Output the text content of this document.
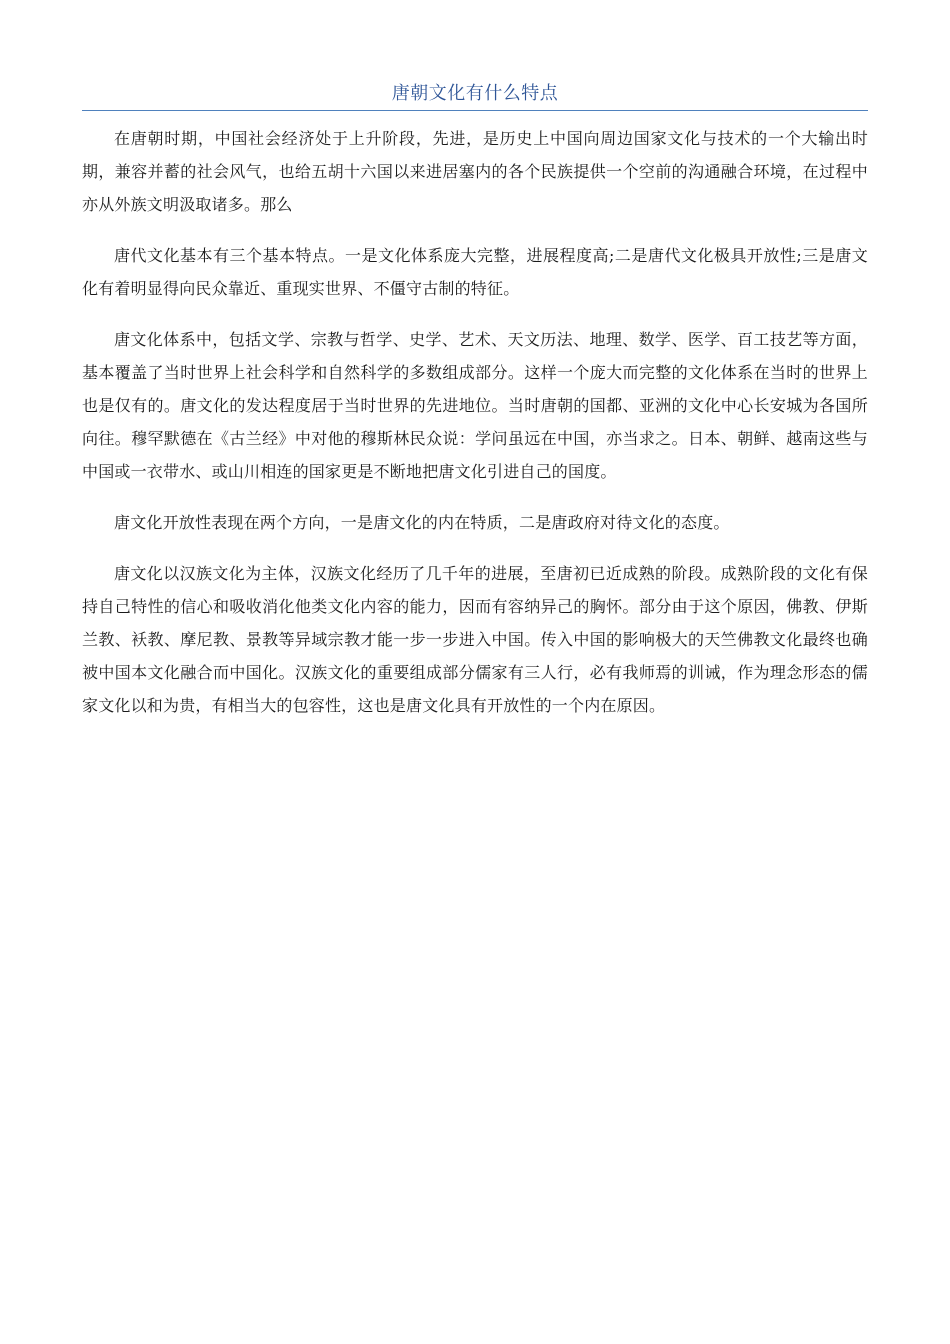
唐朝文化有什么特点

在唐朝时期，中国社会经济处于上升阶段，先进，是历史上中国向周边国家文化与技术的一个大输出时期，兼容并蓄的社会风气，也给五胡十六国以来进居塞内的各个民族提供一个空前的沟通融合环境，在过程中亦从外族文明汲取诸多。那么

唐代文化基本有三个基本特点。一是文化体系庞大完整，进展程度高;二是唐代文化极具开放性;三是唐文化有着明显得向民众靠近、重现实世界、不僵守古制的特征。

唐文化体系中，包括文学、宗教与哲学、史学、艺术、天文历法、地理、数学、医学、百工技艺等方面，基本覆盖了当时世界上社会科学和自然科学的多数组成部分。这样一个庞大而完整的文化体系在当时的世界上也是仅有的。唐文化的发达程度居于当时世界的先进地位。当时唐朝的国都、亚洲的文化中心长安城为各国所向往。穆罕默德在《古兰经》中对他的穆斯林民众说：学问虽远在中国，亦当求之。日本、朝鲜、越南这些与中国或一衣带水、或山川相连的国家更是不断地把唐文化引进自己的国度。

唐文化开放性表现在两个方向，一是唐文化的内在特质，二是唐政府对待文化的态度。

唐文化以汉族文化为主体，汉族文化经历了几千年的进展，至唐初已近成熟的阶段。成熟阶段的文化有保持自己特性的信心和吸收消化他类文化内容的能力，因而有容纳异己的胸怀。部分由于这个原因，佛教、伊斯兰教、袄教、摩尼教、景教等异域宗教才能一步一步进入中国。传入中国的影响极大的天竺佛教文化最终也确被中国本文化融合而中国化。汉族文化的重要组成部分儒家有三人行，必有我师焉的训诫，作为理念形态的儒家文化以和为贵，有相当大的包容性，这也是唐文化具有开放性的一个内在原因。
